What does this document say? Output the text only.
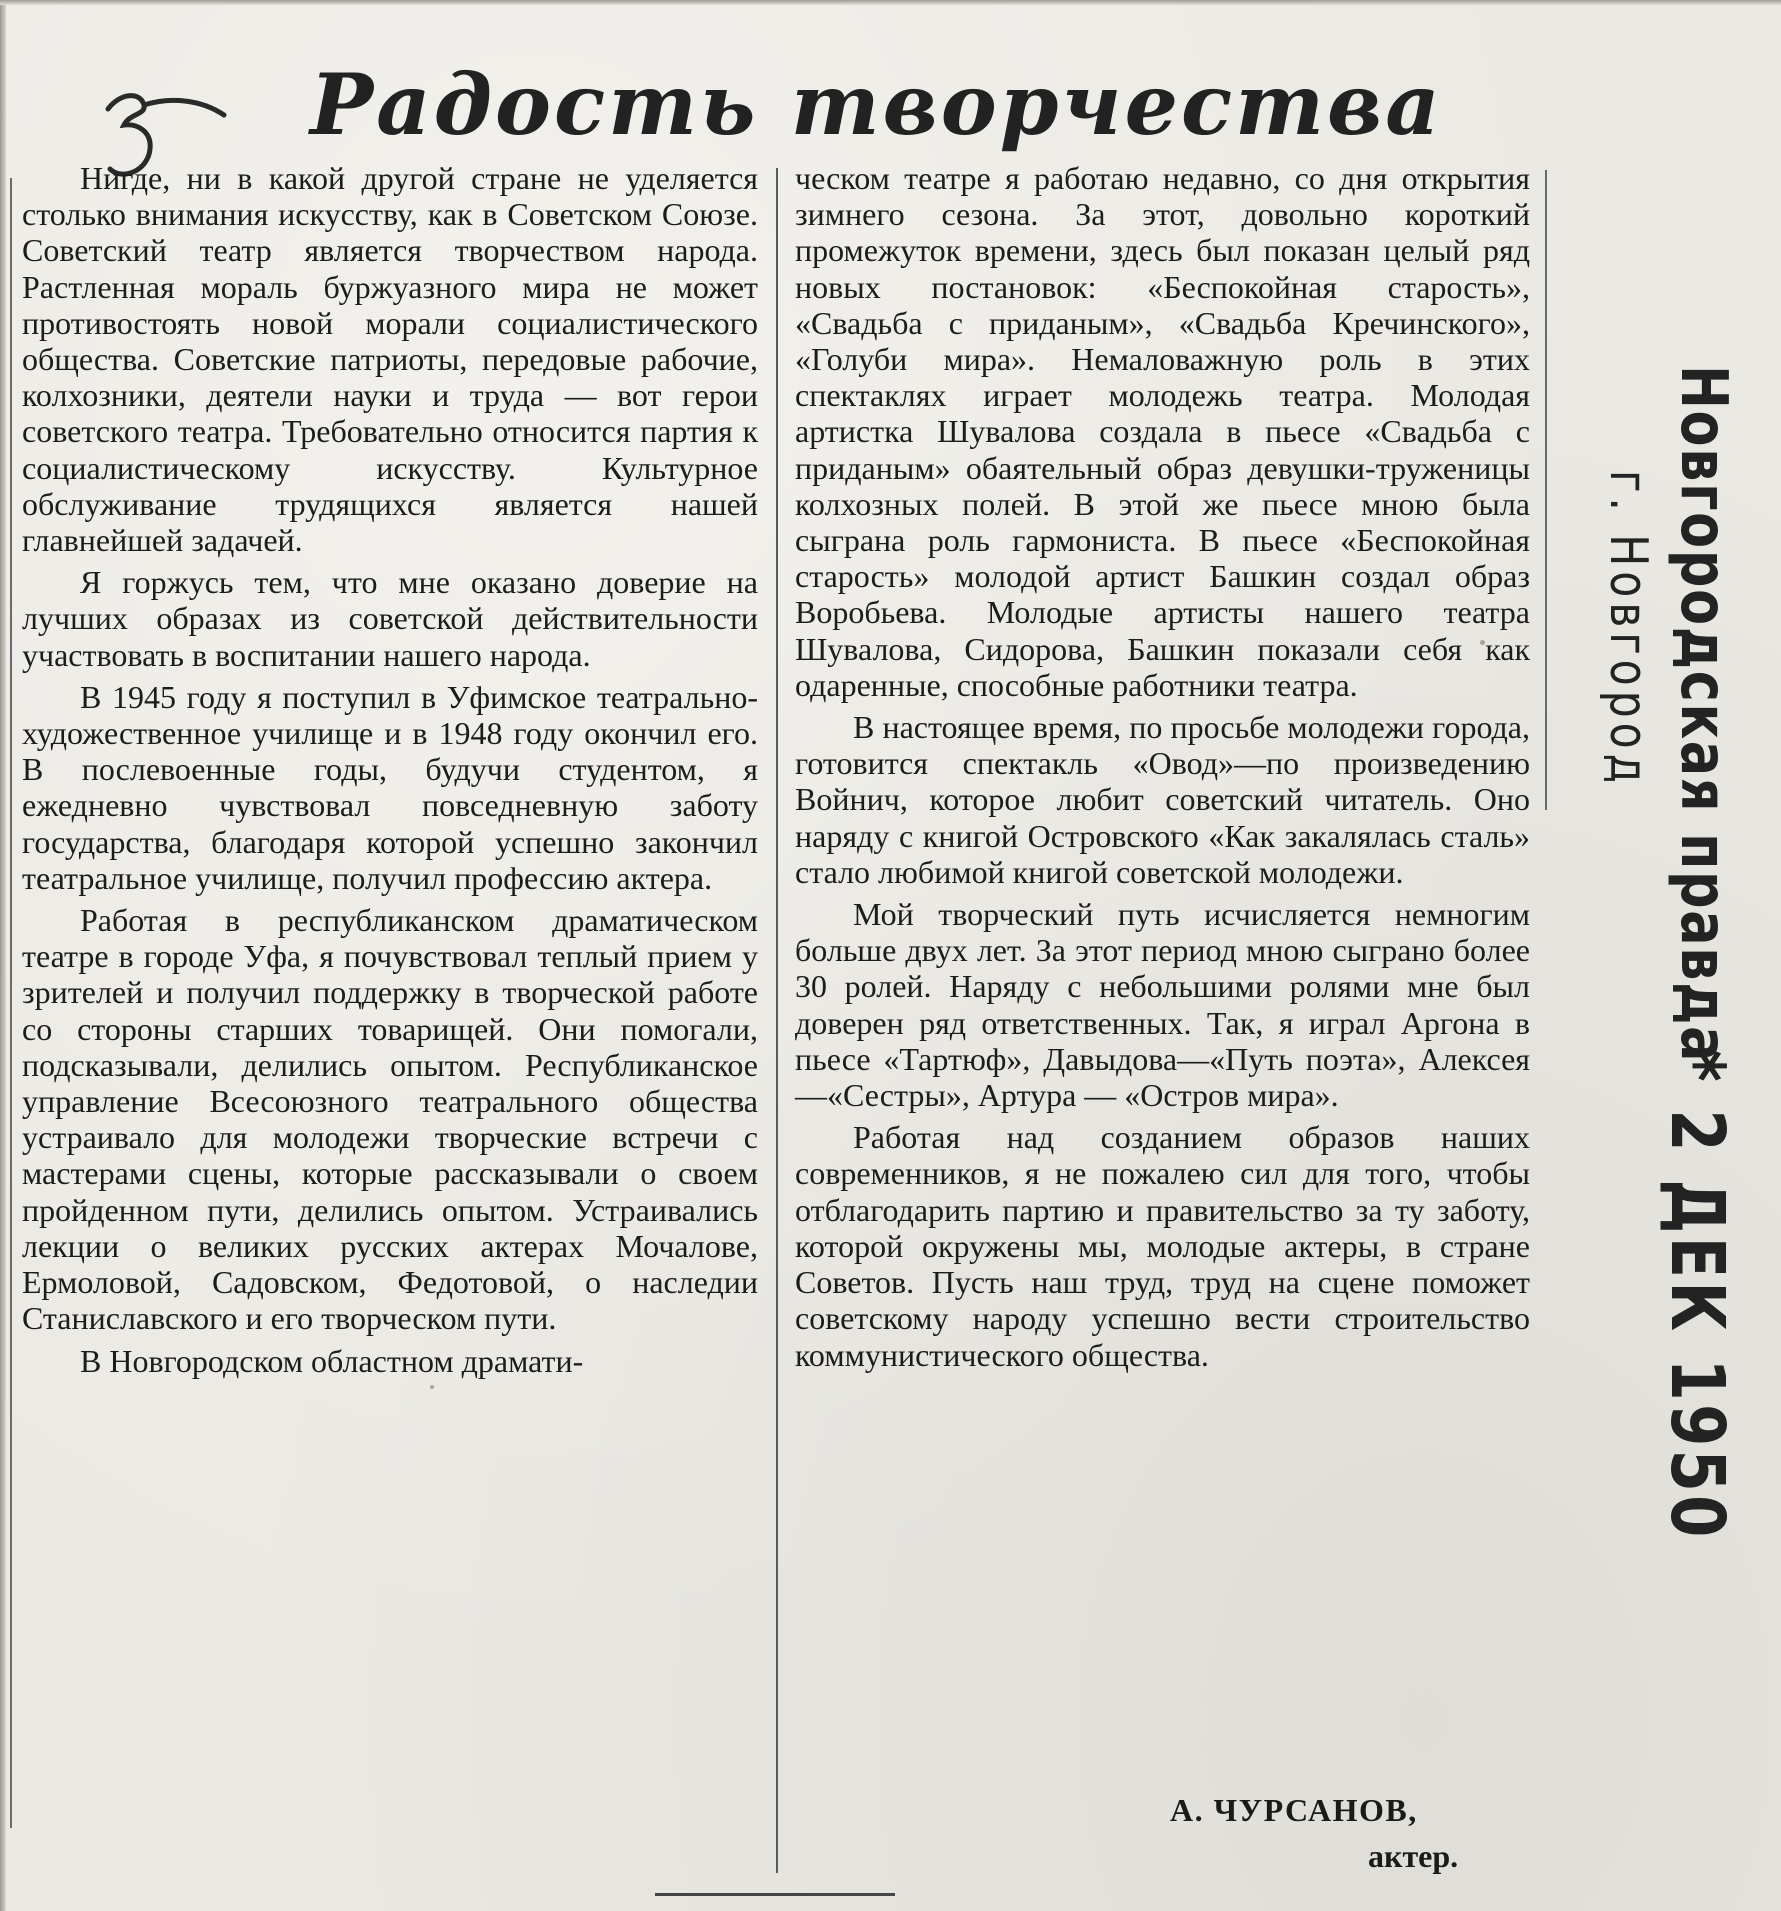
Радость творчества

Нигде, ни в какой другой стране не уделяется столько внимания искусству, как в Советском Союзе. Советский театр является творчеством народа. Растленная мораль буржуазного мира не может противостоять новой морали социалистического общества. Советские патриоты, передовые рабочие, колхозники, деятели науки и труда — вот герои советского театра. Требовательно относится партия к социалистическому искусству. Культурное обслуживание трудящихся является нашей главнейшей задачей.

Я горжусь тем, что мне оказано доверие на лучших образах из советской действительности участвовать в воспитании нашего народа.

В 1945 году я поступил в Уфимское театрально-художественное училище и в 1948 году окончил его. В послевоенные годы, будучи студентом, я ежедневно чувствовал повседневную заботу государства, благодаря которой успешно закончил театральное училище, получил профессию актера.

Работая в республиканском драматическом театре в городе Уфа, я почувствовал теплый прием у зрителей и получил поддержку в творческой работе со стороны старших товарищей. Они помогали, подсказывали, делились опытом. Республиканское управление Всесоюзного театрального общества устраивало для молодежи творческие встречи с мастерами сцены, которые рассказывали о своем пройденном пути, делились опытом. Устраивались лекции о великих русских актерах Мочалове, Ермоловой, Садовском, Федотовой, о наследии Станиславского и его творческом пути.

В Новгородском областном драмати-

ческом театре я работаю недавно, со дня открытия зимнего сезона. За этот, довольно короткий промежуток времени, здесь был показан целый ряд новых постановок: «Беспокойная старость», «Свадьба с приданым», «Свадьба Кречинского», «Голуби мира». Немаловажную роль в этих спектаклях играет молодежь театра. Молодая артистка Шувалова создала в пьесе «Свадьба с приданым» обаятельный образ девушки-труженицы колхозных полей. В этой же пьесе мною была сыграна роль гармониста. В пьесе «Беспокойная старость» молодой артист Башкин создал образ Воробьева. Молодые артисты нашего театра Шувалова, Сидорова, Башкин показали себя как одаренные, способные работники театра.

В настоящее время, по просьбе молодежи города, готовится спектакль «Овод»—по произведению Войнич, которое любит советский читатель. Оно наряду с книгой Островского «Как закалялась сталь» стало любимой книгой советской молодежи.

Мой творческий путь исчисляется немногим больше двух лет. За этот период мною сыграно более 30 ролей. Наряду с небольшими ролями мне был доверен ряд ответственных. Так, я играл Аргона в пьесе «Тартюф», Давыдова—«Путь поэта», Алексея—«Сестры», Артура — «Остров мира».

Работая над созданием образов наших современников, я не пожалею сил для того, чтобы отблагодарить партию и правительство за ту заботу, которой окружены мы, молодые актеры, в стране Советов. Пусть наш труд, труд на сцене поможет советскому народу успешно вести строительство коммунистического общества.

А. ЧУРСАНОВ,
актер.
Новгородская правда
г. Новгород
* 2 ДЕК 1950
